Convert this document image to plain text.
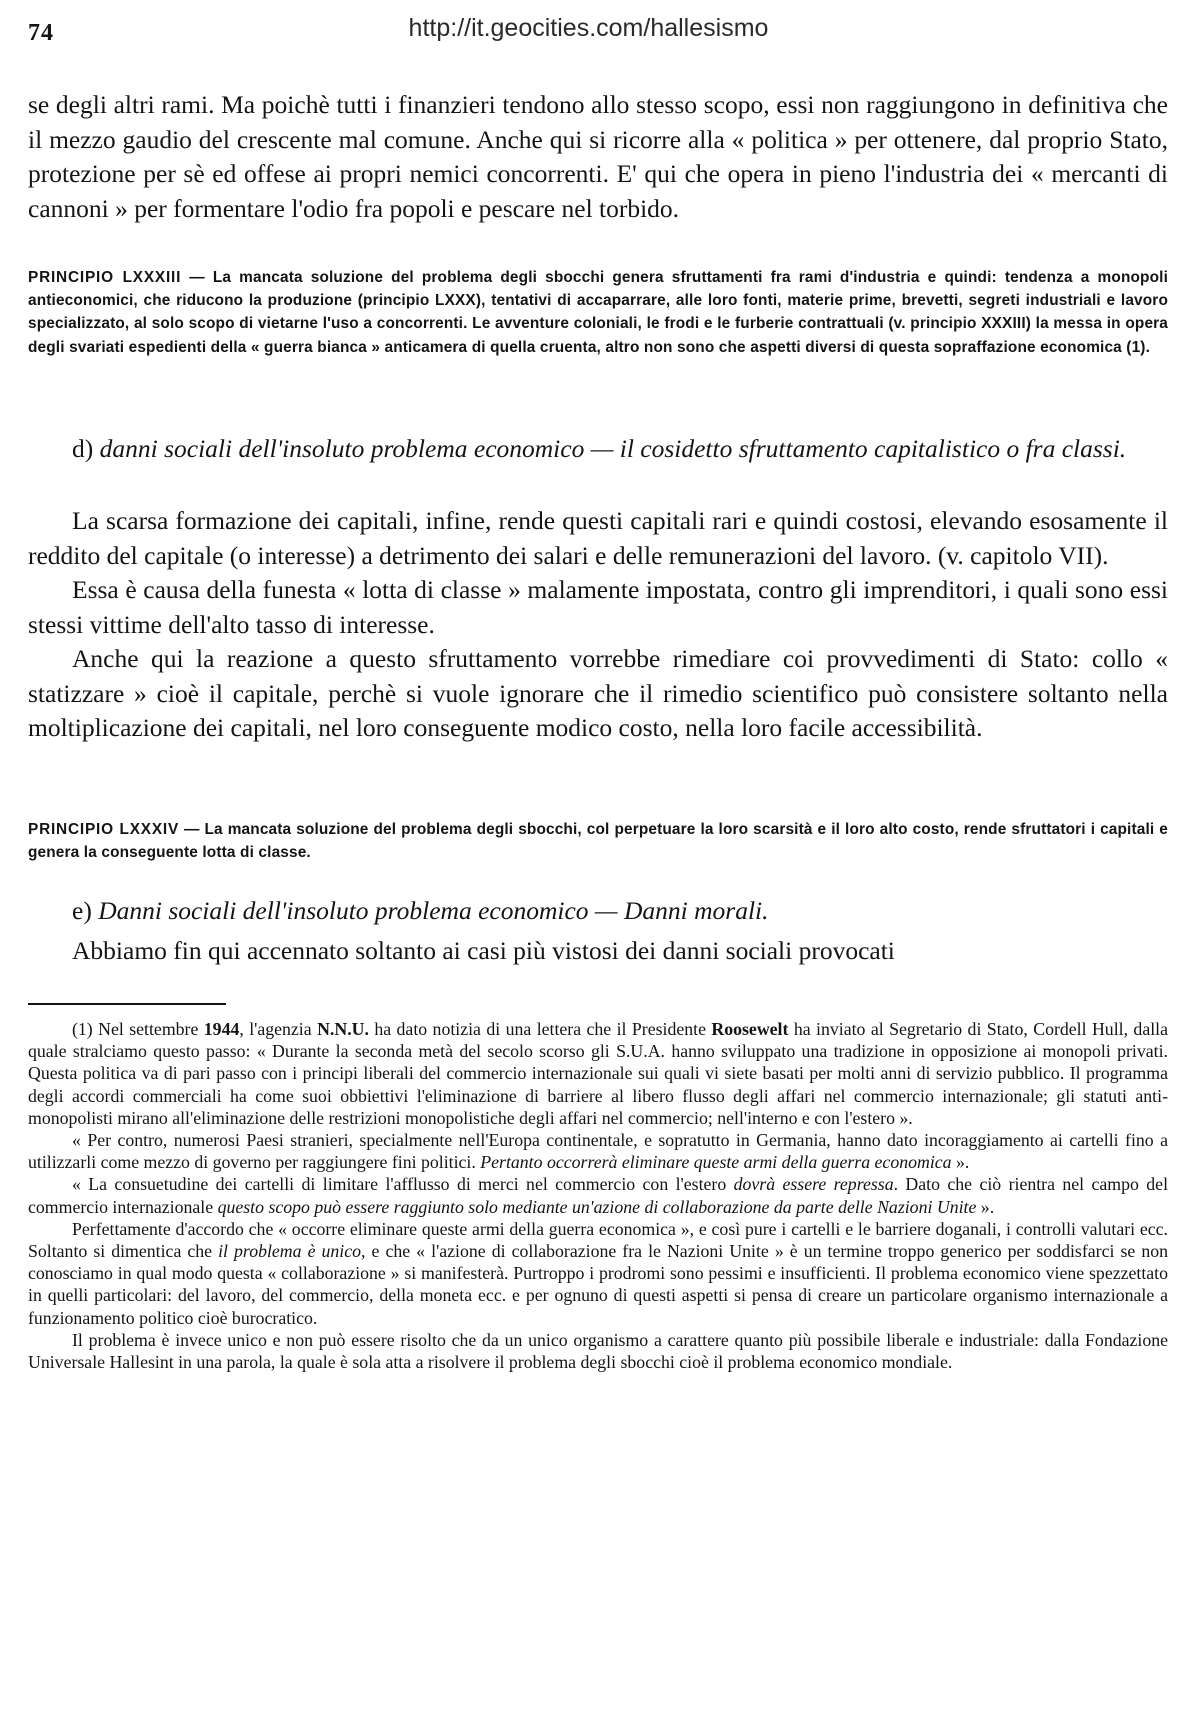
74	http://it.geocities.com/hallesismo

se degli altri rami. Ma poichè tutti i finanzieri tendono allo stesso scopo, essi non raggiungono in definitiva che il mezzo gaudio del crescente mal comune. Anche qui si ricorre alla « politica » per ottenere, dal proprio Stato, protezione per sè ed offese ai propri nemici concorrenti. E' qui che opera in pieno l'industria dei « mercanti di cannoni » per formentare l'odio fra popoli e pescare nel torbido.

PRINCIPIO LXXXIII — La mancata soluzione del problema degli sbocchi genera sfruttamenti fra rami d'industria e quindi: tendenza a monopoli antieconomici, che riducono la produzione (principio LXXX), tentativi di accaparrare, alle loro fonti, materie prime, brevetti, segreti industriali e lavoro specializzato, al solo scopo di vietarne l'uso a concorrenti. Le avventure coloniali, le frodi e le furberie contrattuali (v. principio XXXIII) la messa in opera degli svariati espedienti della « guerra bianca » anticamera di quella cruenta, altro non sono che aspetti diversi di questa sopraffazione economica (1).
d) danni sociali dell'insoluto problema economico — il cosidetto sfruttamento capitalistico o fra classi.

La scarsa formazione dei capitali, infine, rende questi capitali rari e quindi costosi, elevando esosamente il reddito del capitale (o interesse) a detrimento dei salari e delle remunerazioni del lavoro. (v. capitolo VII).

Essa è causa della funesta « lotta di classe » malamente impostata, contro gli imprenditori, i quali sono essi stessi vittime dell'alto tasso di interesse.

Anche qui la reazione a questo sfruttamento vorrebbe rimediare coi provvedimenti di Stato: collo « statizzare » cioè il capitale, perchè si vuole ignorare che il rimedio scientifico può consistere soltanto nella moltiplicazione dei capitali, nel loro conseguente modico costo, nella loro facile accessibilità.

PRINCIPIO LXXXIV — La mancata soluzione del problema degli sbocchi, col perpetuare la loro scarsità e il loro alto costo, rende sfruttatori i capitali e genera la conseguente lotta di classe.
e) Danni sociali dell'insoluto problema economico — Danni morali.

Abbiamo fin qui accennato soltanto ai casi più vistosi dei danni sociali provocati

(1) Nel settembre 1944, l'agenzia N.N.U. ha dato notizia di una lettera che il Presidente Roosewelt ha inviato al Segretario di Stato, Cordell Hull, dalla quale stralciamo questo passo: « Durante la seconda metà del secolo scorso gli S.U.A. hanno sviluppato una tradizione in opposizione ai monopoli privati. Questa politica va di pari passo con i principi liberali del commercio internazionale sui quali vi siete basati per molti anni di servizio pubblico. Il programma degli accordi commerciali ha come suoi obbiettivi l'eliminazione di barriere al libero flusso degli affari nel commercio internazionale; gli statuti anti-monopolisti mirano all'eliminazione delle restrizioni monopolistiche degli affari nel commercio; nell'interno e con l'estero ».

« Per contro, numerosi Paesi stranieri, specialmente nell'Europa continentale, e sopratutto in Germania, hanno dato incoraggiamento ai cartelli fino a utilizzarli come mezzo di governo per raggiungere fini politici. Pertanto occorrerà eliminare queste armi della guerra economica ».

« La consuetudine dei cartelli di limitare l'afflusso di merci nel commercio con l'estero dovrà essere repressa. Dato che ciò rientra nel campo del commercio internazionale questo scopo può essere raggiunto solo mediante un'azione di collaborazione da parte delle Nazioni Unite ».

Perfettamente d'accordo che « occorre eliminare queste armi della guerra economica », e così pure i cartelli e le barriere doganali, i controlli valutari ecc. Soltanto si dimentica che il problema è unico, e che « l'azione di collaborazione fra le Nazioni Unite » è un termine troppo generico per soddisfarci se non conosciamo in qual modo questa « collaborazione » si manifesterà. Purtroppo i prodromi sono pessimi e insufficienti. Il problema economico viene spezzettato in quelli particolari: del lavoro, del commercio, della moneta ecc. e per ognuno di questi aspetti si pensa di creare un particolare organismo internazionale a funzionamento politico cioè burocratico.

Il problema è invece unico e non può essere risolto che da un unico organismo a carattere quanto più possibile liberale e industriale: dalla Fondazione Universale Hallesint in una parola, la quale è sola atta a risolvere il problema degli sbocchi cioè il problema economico mondiale.
